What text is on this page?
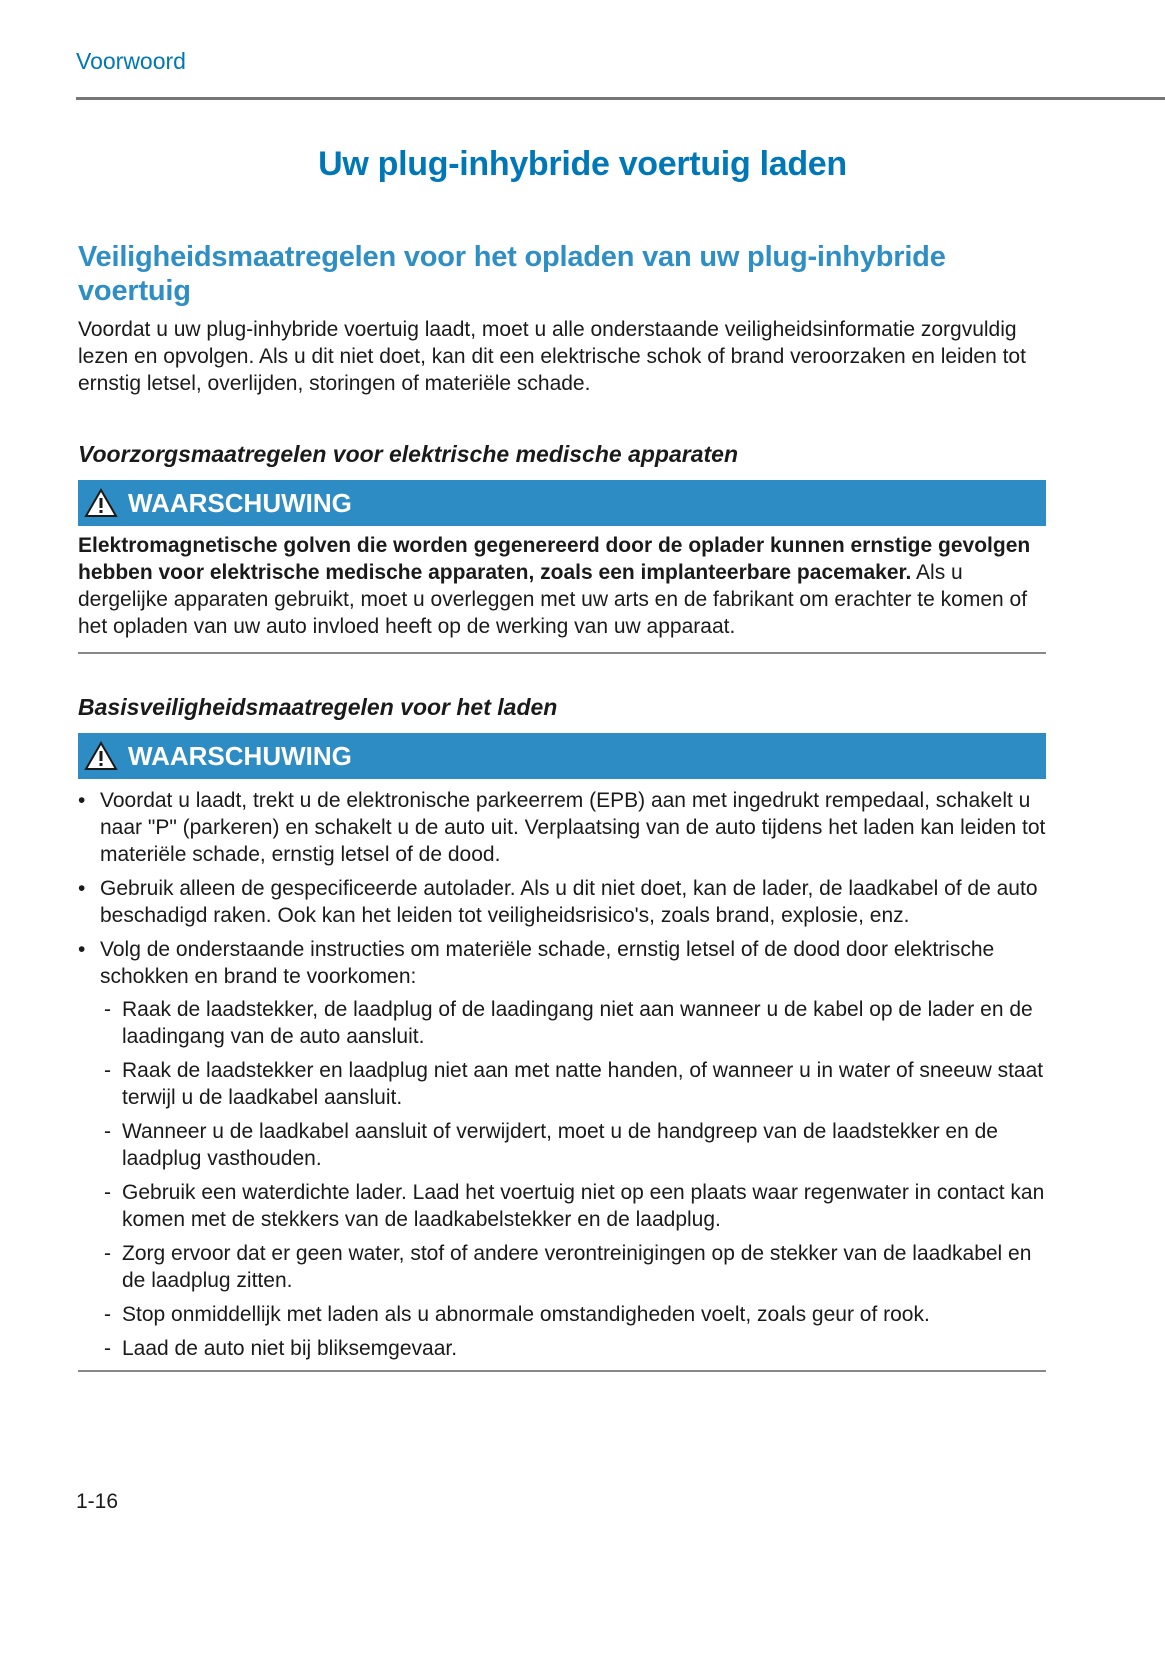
Voorwoord
Uw plug-inhybride voertuig laden
Veiligheidsmaatregelen voor het opladen van uw plug-inhybride voertuig

Voordat u uw plug-inhybride voertuig laadt, moet u alle onderstaande veiligheidsinformatie zorgvuldig lezen en opvolgen. Als u dit niet doet, kan dit een elektrische schok of brand veroorzaken en leiden tot ernstig letsel, overlijden, storingen of materiële schade.

Voorzorgsmaatregelen voor elektrische medische apparaten
WAARSCHUWING

Elektromagnetische golven die worden gegenereerd door de oplader kunnen ernstige gevolgen hebben voor elektrische medische apparaten, zoals een implanteerbare pacemaker. Als u dergelijke apparaten gebruikt, moet u overleggen met uw arts en de fabrikant om erachter te komen of het opladen van uw auto invloed heeft op de werking van uw apparaat.

Basisveiligheidsmaatregelen voor het laden
WAARSCHUWING
• Voordat u laadt, trekt u de elektronische parkeerrem (EPB) aan met ingedrukt rempedaal, schakelt u naar "P" (parkeren) en schakelt u de auto uit. Verplaatsing van de auto tijdens het laden kan leiden tot materiële schade, ernstig letsel of de dood.
• Gebruik alleen de gespecificeerde autolader. Als u dit niet doet, kan de lader, de laadkabel of de auto beschadigd raken. Ook kan het leiden tot veiligheidsrisico's, zoals brand, explosie, enz.
• Volg de onderstaande instructies om materiële schade, ernstig letsel of de dood door elektrische schokken en brand te voorkomen:
- Raak de laadstekker, de laadplug of de laadingang niet aan wanneer u de kabel op de lader en de laadingang van de auto aansluit.
- Raak de laadstekker en laadplug niet aan met natte handen, of wanneer u in water of sneeuw staat terwijl u de laadkabel aansluit.
- Wanneer u de laadkabel aansluit of verwijdert, moet u de handgreep van de laadstekker en de laadplug vasthouden.
- Gebruik een waterdichte lader. Laad het voertuig niet op een plaats waar regenwater in contact kan komen met de stekkers van de laadkabelstekker en de laadplug.
- Zorg ervoor dat er geen water, stof of andere verontreinigingen op de stekker van de laadkabel en de laadplug zitten.
- Stop onmiddellijk met laden als u abnormale omstandigheden voelt, zoals geur of rook.
- Laad de auto niet bij bliksemgevaar.
1-16
